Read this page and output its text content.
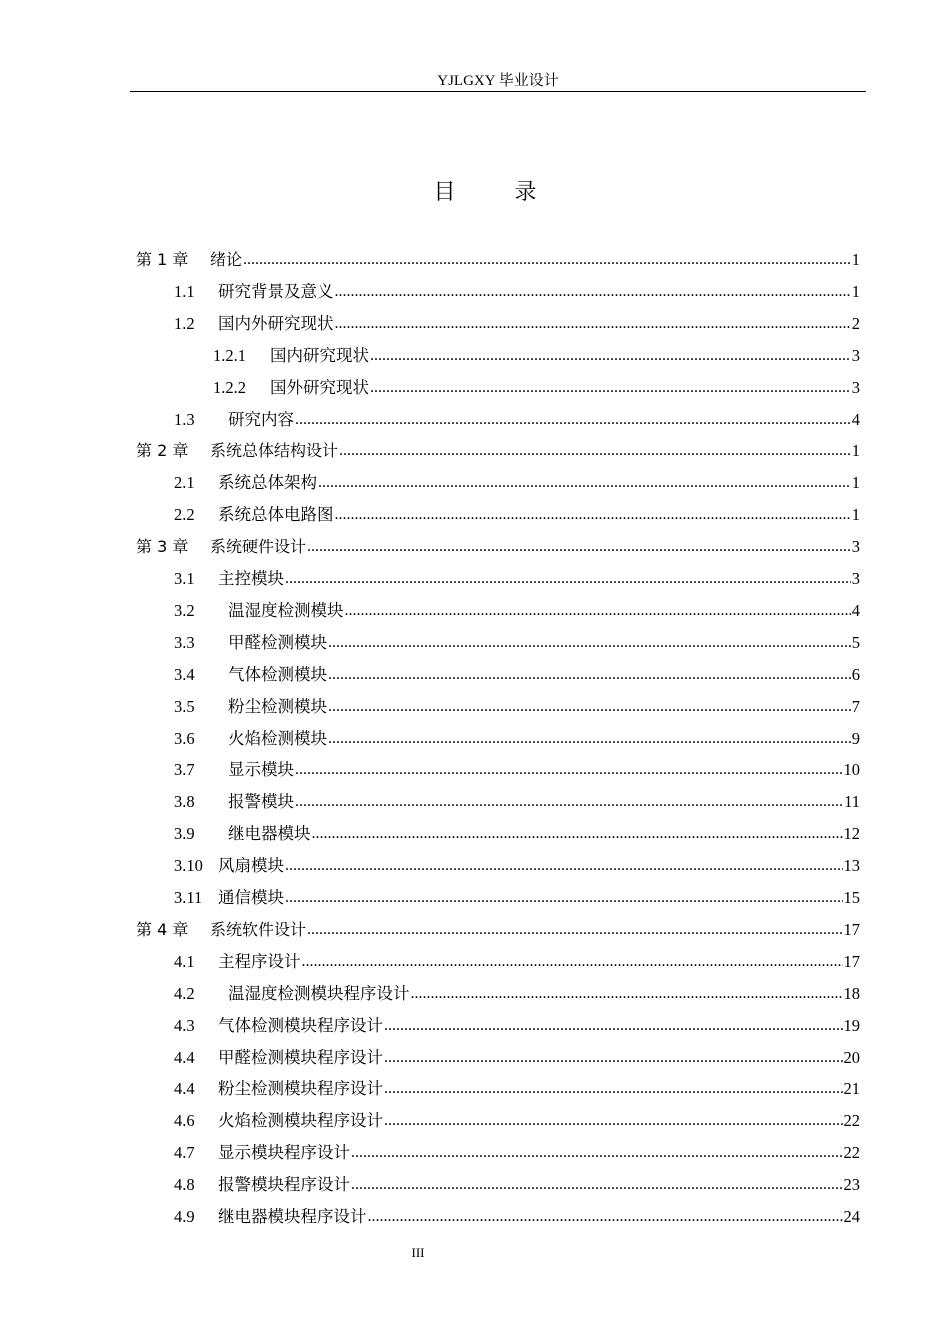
YJLGXY 毕业设计
目 录
第 1 章	绪论 .....	1
1.1	研究背景及意义 .....	1
1.2	国内外研究现状 .....	2
1.2.1	国内研究现状 .....	3
1.2.2	国外研究现状 .....	3
1.3	研究内容 .....	4
第 2 章	系统总体结构设计 .....	1
2.1	系统总体架构 .....	1
2.2	系统总体电路图 .....	1
第 3 章	系统硬件设计 .....	3
3.1	主控模块 .....	3
3.2	温湿度检测模块 .....	4
3.3	甲醛检测模块 .....	5
3.4	气体检测模块 .....	6
3.5	粉尘检测模块 .....	7
3.6	火焰检测模块 .....	9
3.7	显示模块 .....	10
3.8	报警模块 .....	11
3.9	继电器模块 .....	12
3.10 风扇模块 .....	13
3.11 通信模块 .....	15
第 4 章	系统软件设计 .....	17
4.1	主程序设计 .....	17
4.2	温湿度检测模块程序设计 .....	18
4.3	气体检测模块程序设计 .....	19
4.4	甲醛检测模块程序设计 .....	20
4.4	粉尘检测模块程序设计 .....	21
4.6	火焰检测模块程序设计 .....	22
4.7	显示模块程序设计 .....	22
4.8	报警模块程序设计 .....	23
4.9	继电器模块程序设计 .....	24
III
